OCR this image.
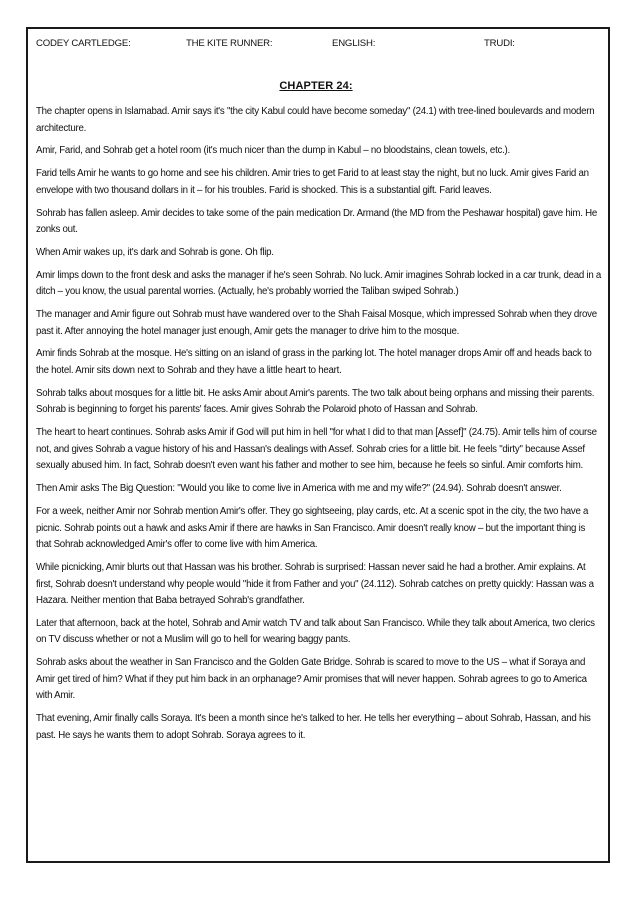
CODEY CARTLEDGE:	THE KITE RUNNER:	ENGLISH:	TRUDI:
CHAPTER 24:

The chapter opens in Islamabad. Amir says it's "the city Kabul could have become someday" (24.1) with tree-lined boulevards and modern architecture.

Amir, Farid, and Sohrab get a hotel room (it's much nicer than the dump in Kabul – no bloodstains, clean towels, etc.).

Farid tells Amir he wants to go home and see his children. Amir tries to get Farid to at least stay the night, but no luck. Amir gives Farid an envelope with two thousand dollars in it – for his troubles. Farid is shocked. This is a substantial gift. Farid leaves.

Sohrab has fallen asleep. Amir decides to take some of the pain medication Dr. Armand (the MD from the Peshawar hospital) gave him. He zonks out.

When Amir wakes up, it's dark and Sohrab is gone. Oh flip.

Amir limps down to the front desk and asks the manager if he's seen Sohrab. No luck. Amir imagines Sohrab locked in a car trunk, dead in a ditch – you know, the usual parental worries. (Actually, he's probably worried the Taliban swiped Sohrab.)

The manager and Amir figure out Sohrab must have wandered over to the Shah Faisal Mosque, which impressed Sohrab when they drove past it. After annoying the hotel manager just enough, Amir gets the manager to drive him to the mosque.

Amir finds Sohrab at the mosque. He's sitting on an island of grass in the parking lot. The hotel manager drops Amir off and heads back to the hotel. Amir sits down next to Sohrab and they have a little heart to heart.

Sohrab talks about mosques for a little bit. He asks Amir about Amir's parents. The two talk about being orphans and missing their parents. Sohrab is beginning to forget his parents' faces. Amir gives Sohrab the Polaroid photo of Hassan and Sohrab.

The heart to heart continues. Sohrab asks Amir if God will put him in hell "for what I did to that man [Assef]" (24.75). Amir tells him of course not, and gives Sohrab a vague history of his and Hassan's dealings with Assef. Sohrab cries for a little bit. He feels "dirty" because Assef sexually abused him. In fact, Sohrab doesn't even want his father and mother to see him, because he feels so sinful. Amir comforts him.

Then Amir asks The Big Question: "Would you like to come live in America with me and my wife?" (24.94). Sohrab doesn't answer.

For a week, neither Amir nor Sohrab mention Amir's offer. They go sightseeing, play cards, etc. At a scenic spot in the city, the two have a picnic. Sohrab points out a hawk and asks Amir if there are hawks in San Francisco. Amir doesn't really know – but the important thing is that Sohrab acknowledged Amir's offer to come live with him America.

While picnicking, Amir blurts out that Hassan was his brother. Sohrab is surprised: Hassan never said he had a brother. Amir explains. At first, Sohrab doesn't understand why people would "hide it from Father and you" (24.112). Sohrab catches on pretty quickly: Hassan was a Hazara. Neither mention that Baba betrayed Sohrab's grandfather.

Later that afternoon, back at the hotel, Sohrab and Amir watch TV and talk about San Francisco. While they talk about America, two clerics on TV discuss whether or not a Muslim will go to hell for wearing baggy pants.

Sohrab asks about the weather in San Francisco and the Golden Gate Bridge. Sohrab is scared to move to the US – what if Soraya and Amir get tired of him? What if they put him back in an orphanage? Amir promises that will never happen. Sohrab agrees to go to America with Amir.

That evening, Amir finally calls Soraya. It's been a month since he's talked to her. He tells her everything – about Sohrab, Hassan, and his past. He says he wants them to adopt Sohrab. Soraya agrees to it.
